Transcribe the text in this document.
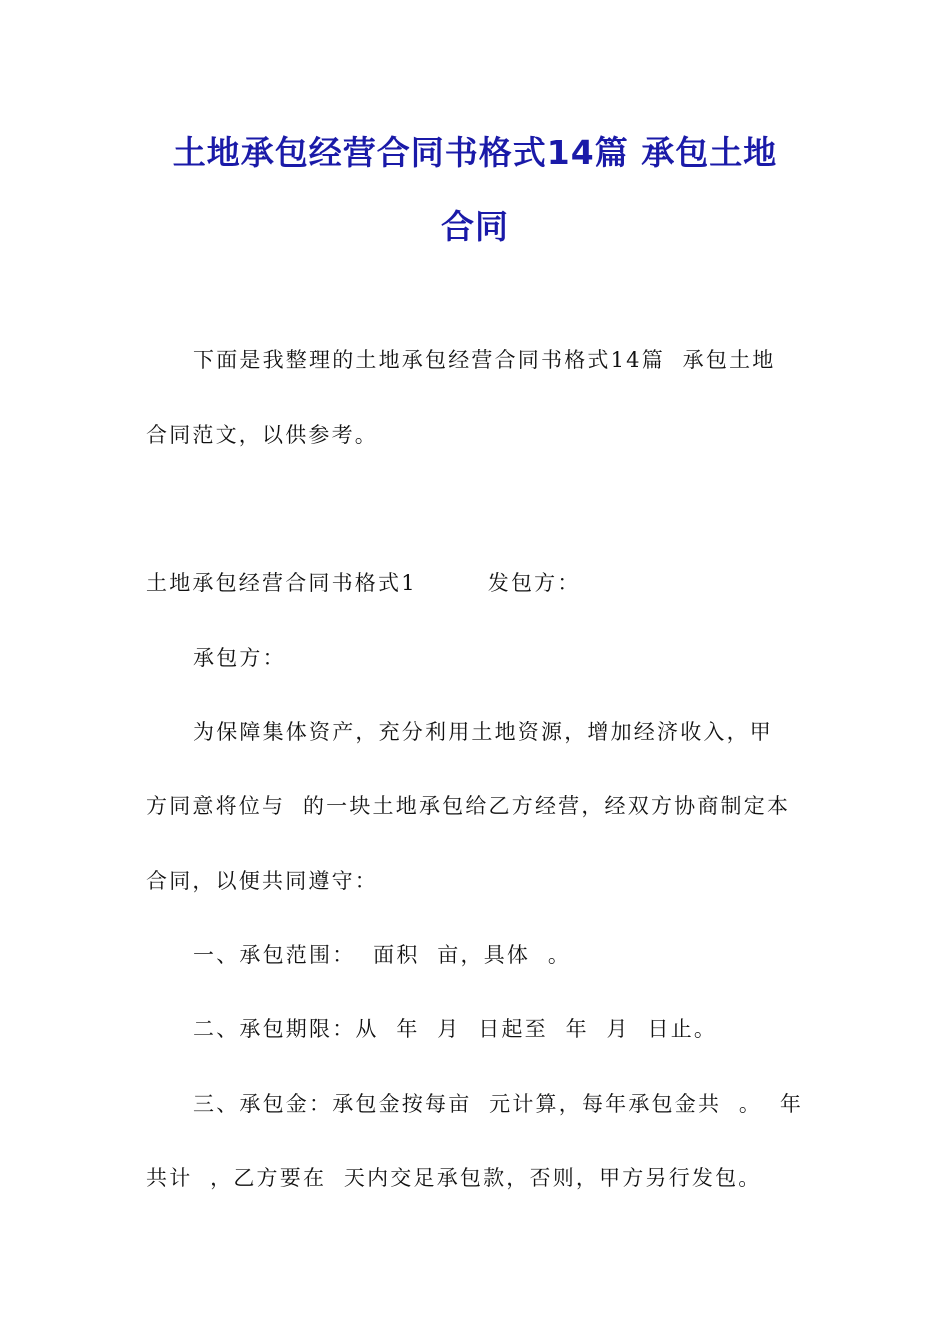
土地承包经营合同书格式14篇 承包土地
合同
下面是我整理的土地承包经营合同书格式14篇  承包土地
合同范文，以供参考。
土地承包经营合同书格式1        发包方：
承包方：
为保障集体资产，充分利用土地资源，增加经济收入，甲
方同意将位与  的一块土地承包给乙方经营，经双方协商制定本
合同，以便共同遵守：
一、承包范围：  面积  亩，具体  。
二、承包期限：从  年  月  日起至  年  月  日止。
三、承包金：承包金按每亩  元计算，每年承包金共  。  年
共计  ，乙方要在  天内交足承包款，否则，甲方另行发包。
